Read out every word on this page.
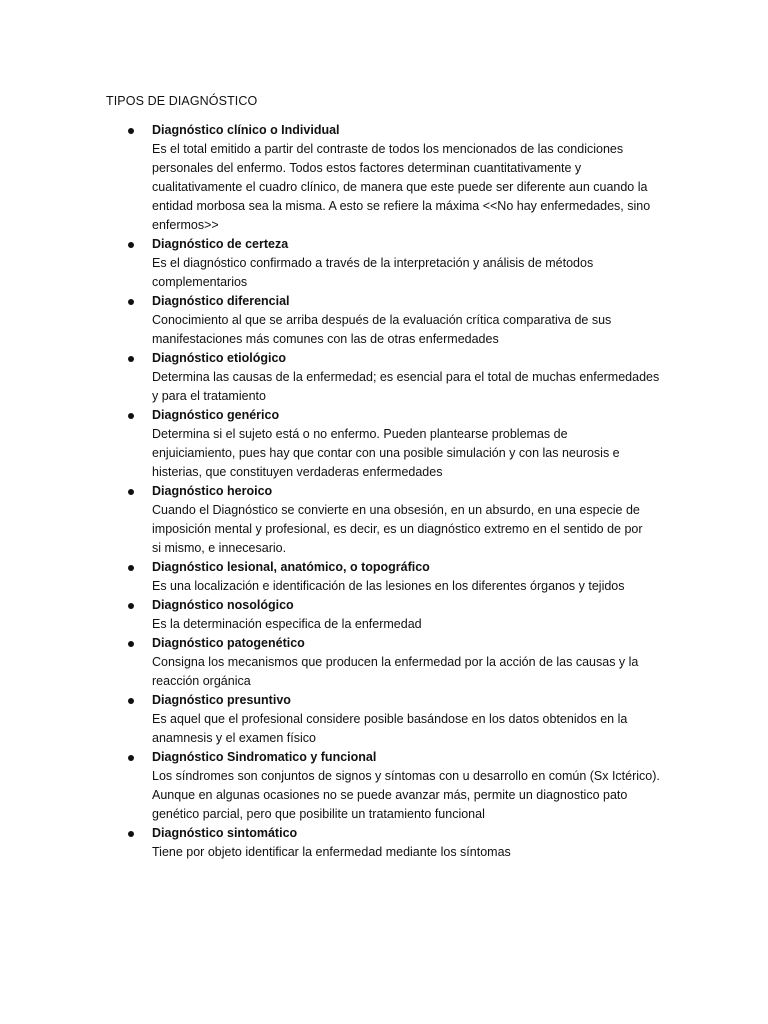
TIPOS DE DIAGNÓSTICO
Diagnóstico clínico o Individual
Es el total emitido a partir del contraste de todos los mencionados de las condiciones
personales del enfermo. Todos estos factores determinan cuantitativamente y
cualitativamente el cuadro clínico, de manera que este puede ser diferente aun cuando la
entidad morbosa sea la misma. A esto se refiere la máxima <<No hay enfermedades, sino
enfermos>>
Diagnóstico de certeza
Es el diagnóstico confirmado a través de la interpretación y análisis de métodos
complementarios
Diagnóstico diferencial
Conocimiento al que se arriba después de la evaluación crítica comparativa de sus
manifestaciones más comunes con las de otras enfermedades
Diagnóstico etiológico
Determina las causas de la enfermedad; es esencial para el total de muchas enfermedades
y para el tratamiento
Diagnóstico genérico
Determina si el sujeto está o no enfermo. Pueden plantearse problemas de
enjuiciamiento, pues hay que contar con una posible simulación y con las neurosis e
histerias, que constituyen verdaderas enfermedades
Diagnóstico heroico
Cuando el Diagnóstico se convierte en una obsesión, en un absurdo, en una especie de
imposición mental y profesional, es decir, es un diagnóstico extremo en el sentido de por
si mismo, e innecesario.
Diagnóstico lesional, anatómico, o topográfico
Es una localización e identificación de las lesiones en los diferentes órganos y tejidos
Diagnóstico nosológico
Es la determinación especifica de la enfermedad
Diagnóstico patogenético
Consigna los mecanismos que producen la enfermedad por la acción de las causas y la
reacción orgánica
Diagnóstico presuntivo
Es aquel que el profesional considere posible basándose en los datos obtenidos en la
anamnesis y el examen físico
Diagnóstico Sindromatico y funcional
Los síndromes son conjuntos de signos y síntomas con u desarrollo en común (Sx Ictérico).
Aunque en algunas ocasiones no se puede avanzar más, permite un diagnostico pato
genético parcial, pero que posibilite un tratamiento funcional
Diagnóstico sintomático
Tiene por objeto identificar la enfermedad mediante los síntomas
